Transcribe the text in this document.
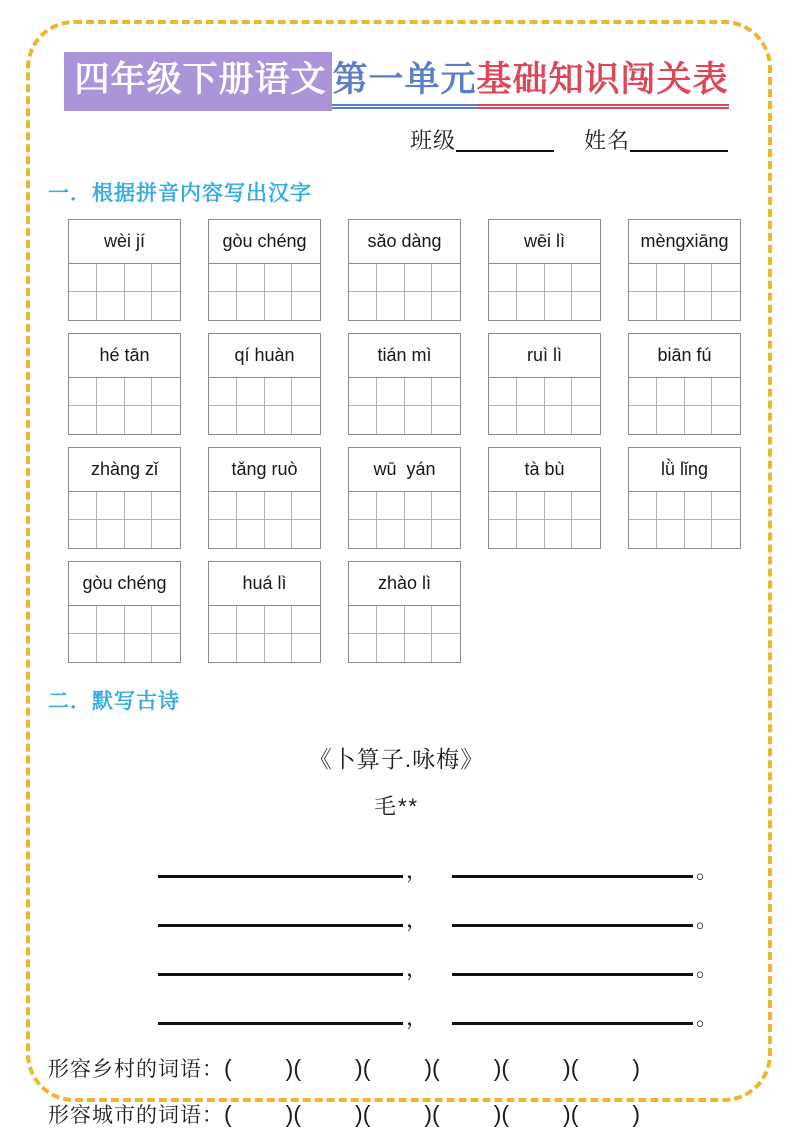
四年级下册语文 第一单元基础知识闯关表
班级	姓名
一．根据拼音内容写出汉字
wèi jí	gòu chéng	sǎo dàng	wēi lì	mèngxiāng
hé tān	qí huàn	tián mì	ruì lì	biān fú
zhàng zǐ	tǎng ruò	wū  yán	tà bù	lǜ lǐng
gòu chéng	huá lì	zhào lì
二．默写古诗
《卜算子.咏梅》
毛**
，	。
，	。
，	。
，	。
形容乡村的词语： ( )( )( )( )( )( )
形容城市的词语： ( )( )( )( )( )( )
